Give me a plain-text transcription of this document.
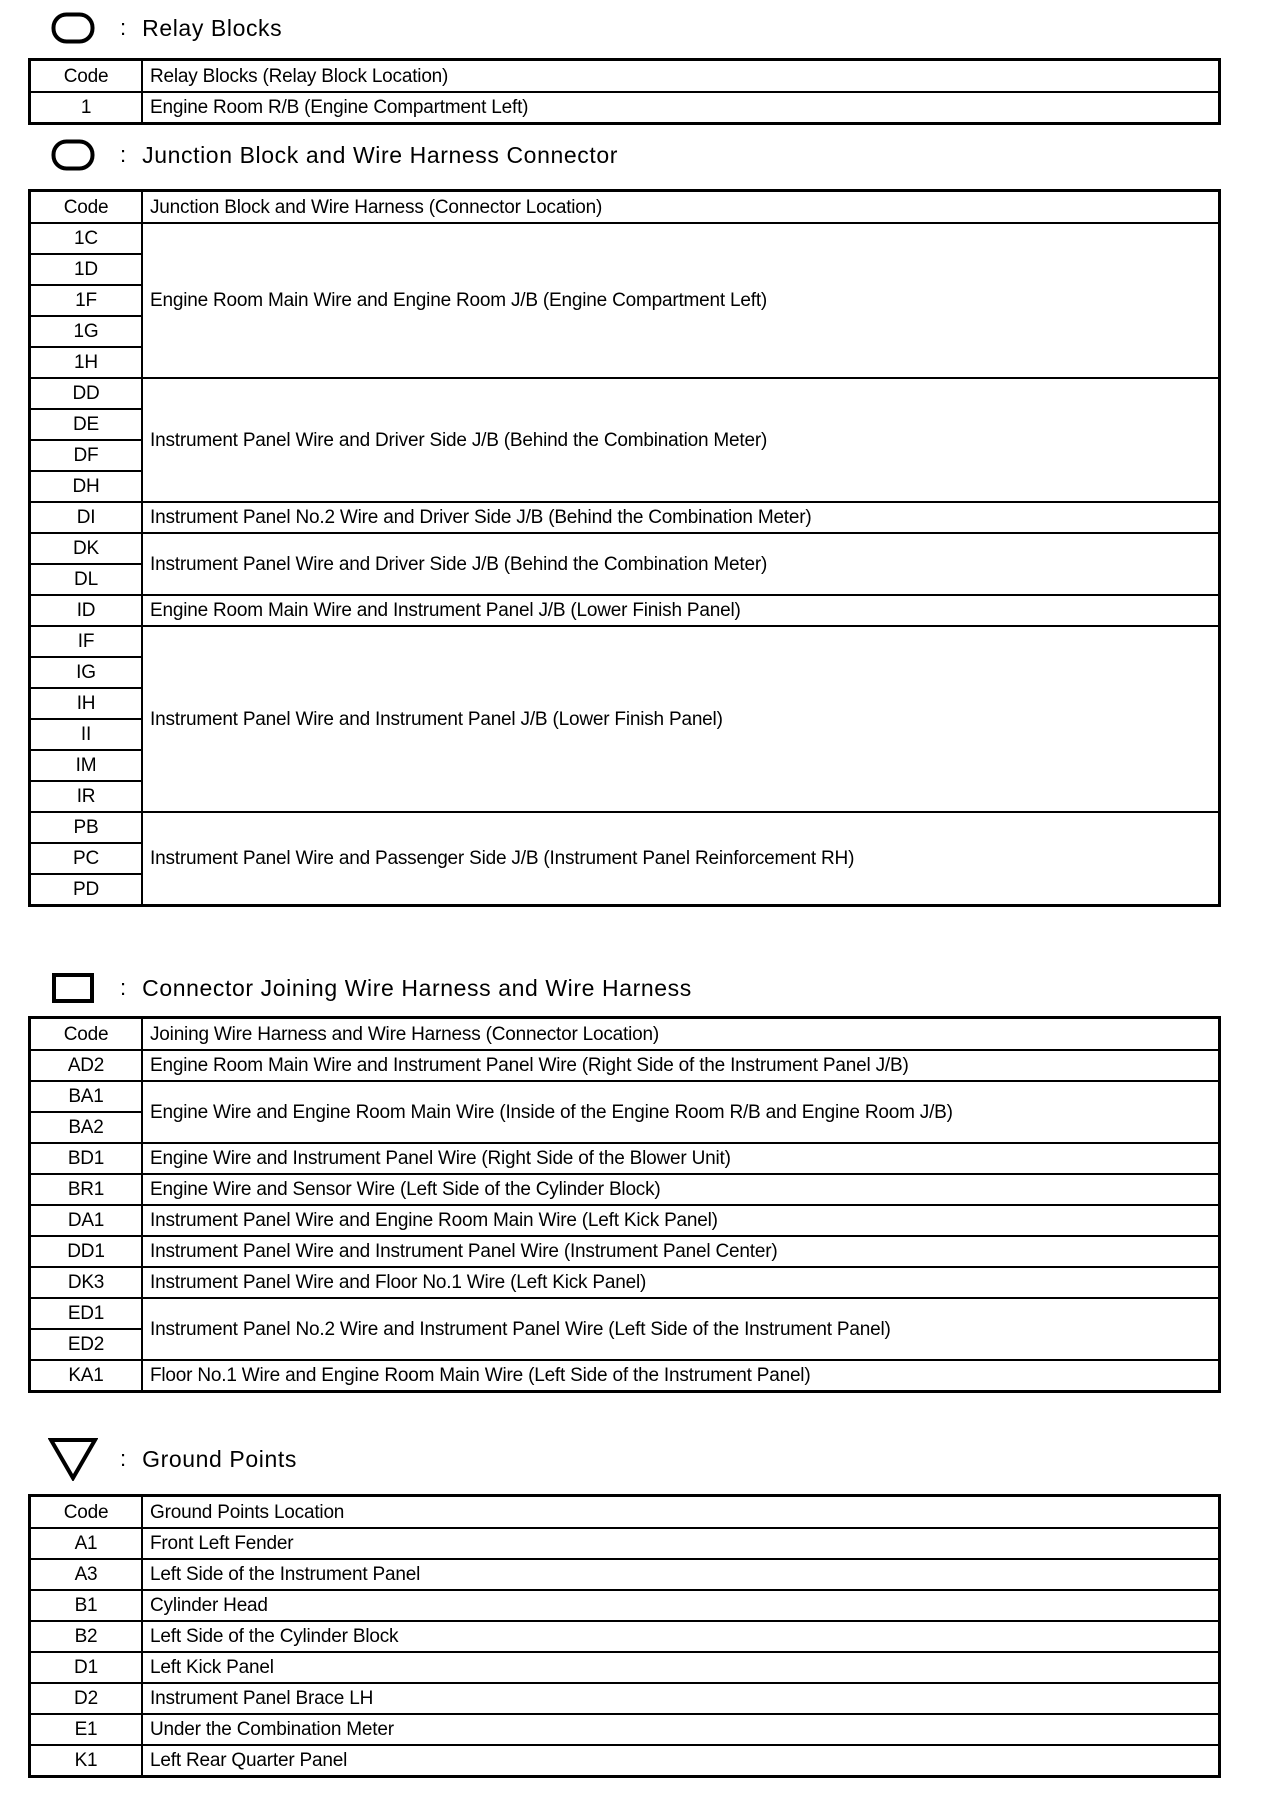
: Relay Blocks
Code	Relay Blocks (Relay Block Location)
1	Engine Room R/B (Engine Compartment Left)
: Junction Block and Wire Harness Connector
Code	Junction Block and Wire Harness (Connector Location)
1C	Engine Room Main Wire and Engine Room J/B (Engine Compartment Left)
1D	
1F	
1G	
1H	
DD	Instrument Panel Wire and Driver Side J/B (Behind the Combination Meter)
DE	
DF	
DH	
DI	Instrument Panel No.2 Wire and Driver Side J/B (Behind the Combination Meter)
DK	Instrument Panel Wire and Driver Side J/B (Behind the Combination Meter)
DL	
ID	Engine Room Main Wire and Instrument Panel J/B (Lower Finish Panel)
IF	Instrument Panel Wire and Instrument Panel J/B (Lower Finish Panel)
IG	
IH	
II	
IM	
IR	
PB	Instrument Panel Wire and Passenger Side J/B (Instrument Panel Reinforcement RH)
PC	
PD	
: Connector Joining Wire Harness and Wire Harness
Code	Joining Wire Harness and Wire Harness (Connector Location)
AD2	Engine Room Main Wire and Instrument Panel Wire (Right Side of the Instrument Panel J/B)
BA1	Engine Wire and Engine Room Main Wire (Inside of the Engine Room R/B and Engine Room J/B)
BA2	
BD1	Engine Wire and Instrument Panel Wire (Right Side of the Blower Unit)
BR1	Engine Wire and Sensor Wire (Left Side of the Cylinder Block)
DA1	Instrument Panel Wire and Engine Room Main Wire (Left Kick Panel)
DD1	Instrument Panel Wire and Instrument Panel Wire (Instrument Panel Center)
DK3	Instrument Panel Wire and Floor No.1 Wire (Left Kick Panel)
ED1	Instrument Panel No.2 Wire and Instrument Panel Wire (Left Side of the Instrument Panel)
ED2	
KA1	Floor No.1 Wire and Engine Room Main Wire (Left Side of the Instrument Panel)
: Ground Points
Code	Ground Points Location
A1	Front Left Fender
A3	Left Side of the Instrument Panel
B1	Cylinder Head
B2	Left Side of the Cylinder Block
D1	Left Kick Panel
D2	Instrument Panel Brace LH
E1	Under the Combination Meter
K1	Left Rear Quarter Panel
